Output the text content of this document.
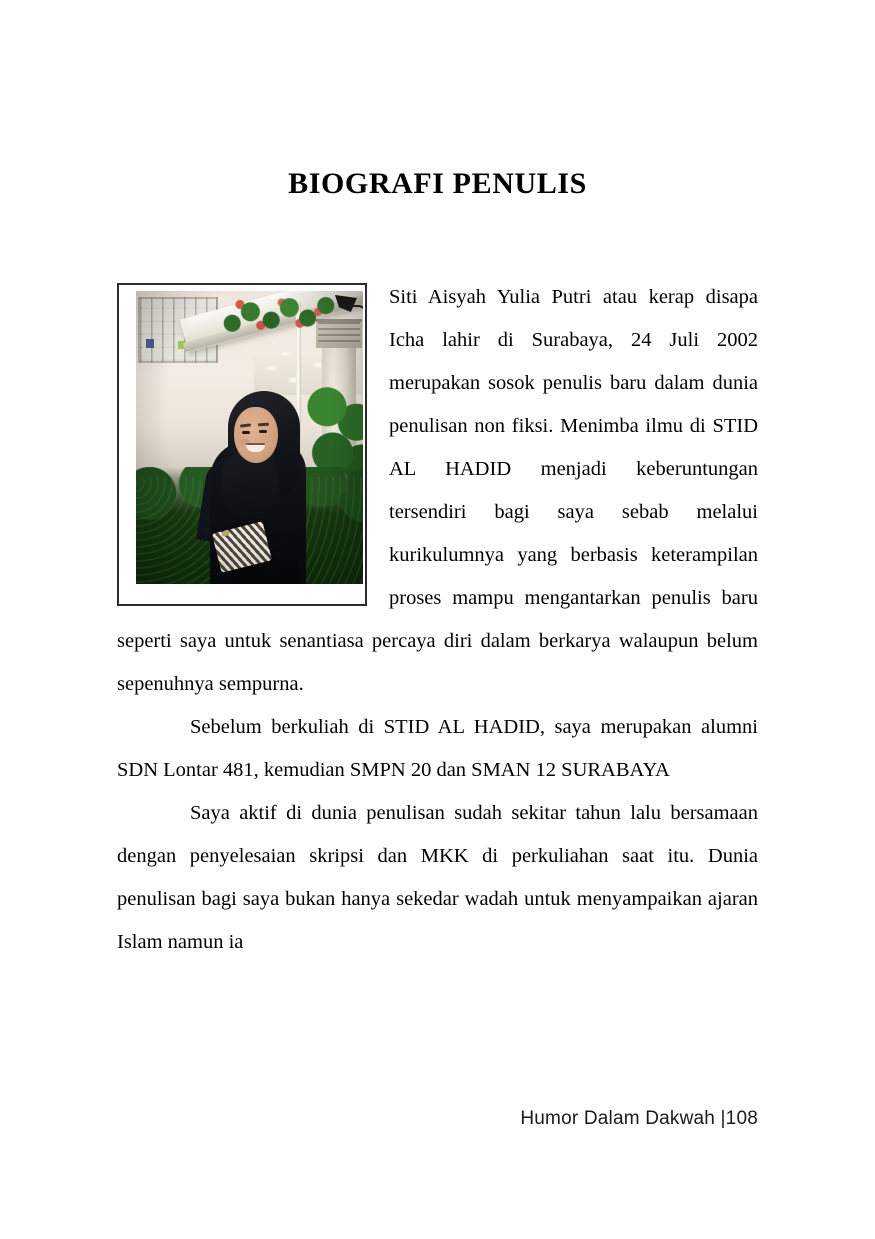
BIOGRAFI PENULIS

Siti Aisyah Yulia Putri atau kerap disapa Icha lahir di Surabaya, 24 Juli 2002 merupakan sosok penulis baru dalam dunia penulisan non fiksi. Menimba ilmu di STID AL HADID menjadi keberuntungan tersendiri bagi saya sebab melalui kurikulumnya yang berbasis keterampilan proses mampu mengantarkan penulis baru seperti saya untuk senantiasa percaya diri dalam berkarya walaupun belum sepenuhnya sempurna.

Sebelum berkuliah di STID AL HADID, saya merupakan alumni SDN Lontar 481, kemudian SMPN 20 dan SMAN 12 SURABAYA

Saya aktif di dunia penulisan sudah sekitar tahun lalu bersamaan dengan penyelesaian skripsi dan MKK di perkuliahan saat itu. Dunia penulisan bagi saya bukan hanya sekedar wadah untuk menyampaikan ajaran Islam namun ia

Humor Dalam Dakwah |108
